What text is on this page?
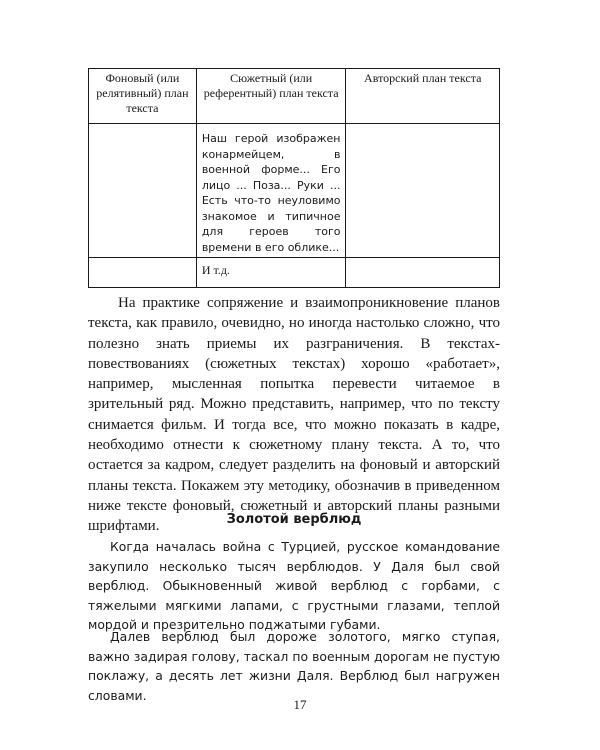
Фоновый (или релятивный) план текста	Сюжетный (или референтный) план текста	Авторский план текста
	Наш герой изображен конармейцем, в военной форме... Его лицо ... Поза... Руки ... Есть что-то неуловимо знакомое и типичное для героев того времени в его облике...	
	И т.д.	

На практике сопряжение и взаимопроникновение планов текста, как правило, очевидно, но иногда настолько сложно, что полезно знать приемы их разграничения. В текстах-повествованиях (сюжетных текстах) хорошо «работает», например, мысленная попытка перевести читаемое в зрительный ряд. Можно представить, например, что по тексту снимается фильм. И тогда все, что можно показать в кадре, необходимо отнести к сюжетному плану текста. А то, что остается за кадром, следует разделить на фоновый и авторский планы текста. Покажем эту методику, обозначив в приведенном ниже тексте фоновый, сюжетный и авторский планы разными шрифтами.	Золотой верблюд

Когда началась война с Турцией, русское командование закупило несколько тысяч верблюдов. У Даля был свой верблюд. Обыкновенный живой верблюд с горбами, с тяжелыми мягкими лапами, с грустными глазами, теплой мордой и презрительно поджатыми губами.

Далев верблюд был дороже золотого, мягко ступая, важно задирая голову, таскал по военным дорогам не пустую поклажу, а десять лет жизни Даля. Верблюд был нагружен словами.

17
